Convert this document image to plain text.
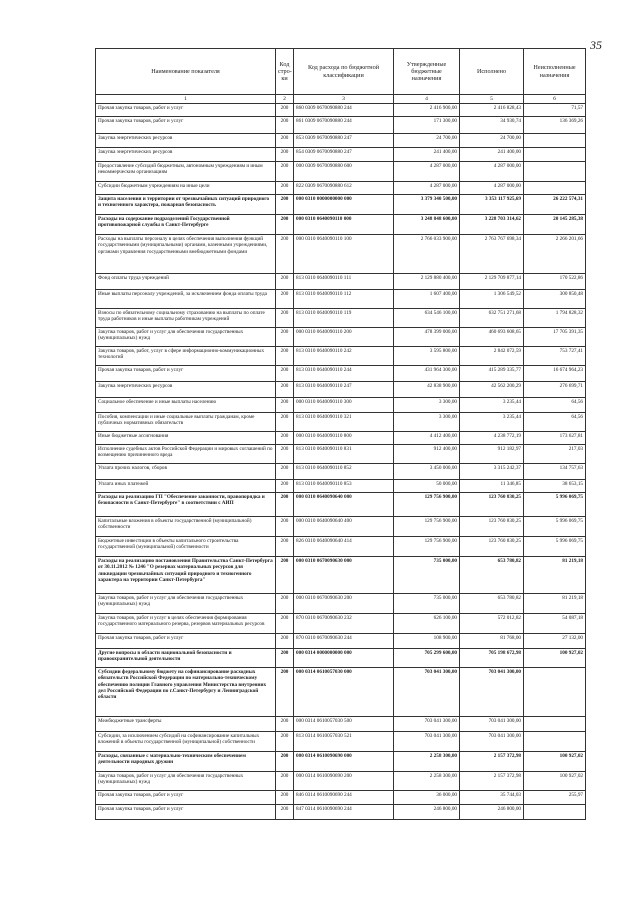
35
Наименование показателя	Код стро- ки	Код расхода по бюджетной классификации	Утвержденные бюджетные назначения	Исполнено	Неисполненные назначения
1	2	3	4	5	6
Прочая закупка товаров, работ и услуг	200	860 0309 0670090880 244	2 416 900,00	2 416 828,43	71,57
Прочая закупка товаров, работ и услуг	200	861 0309 0670090880 244	171 300,00	34 930,74	136 369,26
Закупка энергетических ресурсов	200	853 0309 0670090880 247	24 700,00	24 700,00	
Закупка энергетических ресурсов	200	854 0309 0670090880 247	241 400,00	241 400,00	
Предоставление субсидий бюджетным, автономным учреждениям и иным некоммерческим организациям	200	000 0309 0670090880 600	4 287 000,00	4 287 000,00	
Субсидии бюджетным учреждениям на иные цели	200	822 0309 0670090880 612	4 287 000,00	4 287 000,00	
Защита населения и территории от чрезвычайных ситуаций природного и техногенного характера, пожарная безопасность	200	000 0310 0000000000 000	3 379 340 500,00	3 353 117 925,69	26 222 574,31
Расходы на содержание подразделений Государственной противопожарной службы в Санкт-Петербурге	200	000 0310 0640090110 000	3 248 848 600,00	3 228 703 314,62	20 145 285,38
Расходы на выплаты персоналу в целях обеспечения выполнения функций государственными (муниципальными) органами, казенными учреждениями, органами управления государственными внебюджетными фондами	200	000 0310 0640090110 100	2 766 033 900,00	2 763 767 698,34	2 266 201,66
Фонд оплаты труда учреждений	200	813 0310 0640090110 111	2 129 880 400,00	2 129 709 877,14	170 522,86
Иные выплаты персоналу учреждений, за исключением фонда оплаты труда	200	813 0310 0640090110 112	1 607 400,00	1 306 549,52	300 850,48
Взносы по обязательному социальному страхованию на выплаты по оплате труда работников и иные выплаты работникам учреждений	200	813 0310 0640090110 119	634 546 100,00	632 751 271,68	1 794 828,32
Закупка товаров, работ и услуг для обеспечения государственных (муниципальных) нужд	200	000 0310 0640090110 200	478 399 000,00	460 693 608,65	17 705 391,35
Закупка товаров, работ, услуг в сфере информационно-коммуникационных технологий	200	813 0310 0640090110 242	3 595 800,00	2 842 072,59	753 727,41
Прочая закупка товаров, работ и услуг	200	813 0310 0640090110 244	431 964 300,00	415 289 335,77	16 674 964,23
Закупка энергетических ресурсов	200	813 0310 0640090110 247	42 838 900,00	42 562 200,29	276 699,71
Социальное обеспечение и иные выплаты населению	200	000 0310 0640090110 300	3 300,00	3 235,44	64,56
Пособия, компенсации и иные социальные выплаты гражданам, кроме публичных нормативных обязательств	200	813 0310 0640090110 321	3 300,00	3 235,44	64,56
Иные бюджетные ассигнования	200	000 0310 0640090110 800	4 412 400,00	4 238 772,19	173 627,81
Исполнение судебных актов Российской Федерации и мировых соглашений по возмещению причиненного вреда	200	813 0310 0640090110 831	912 400,00	912 182,97	217,03
Уплата прочих налогов, сборов	200	813 0310 0640090110 852	3 450 000,00	3 315 242,37	134 757,63
Уплата иных платежей	200	813 0310 0640090110 853	50 000,00	11 346,85	38 653,15
Расходы на реализацию ГП "Обеспечение законности, правопорядка и безопасности в Санкт-Петербурге" в соответствии с АИП	200	000 0310 0640090640 000	129 756 900,00	123 760 830,25	5 996 069,75
Капитальные вложения в объекты государственной (муниципальной) собственности	200	000 0310 0640090640 400	129 756 900,00	123 760 830,25	5 996 069,75
Бюджетные инвестиции в объекты капитального строительства государственной (муниципальной) собственности	200	826 0310 0640090640 414	129 756 900,00	123 760 830,25	5 996 069,75
Расходы на реализацию постановления Правительства Санкт-Петербурга от 30.11.2012 № 1246 "О резервах материальных ресурсов для ликвидации чрезвычайных ситуаций природного и техногенного характера на территории Санкт-Петербурга"	200	000 0310 0670090630 000	735 000,00	653 780,82	81 219,18
Закупка товаров, работ и услуг для обеспечения государственных (муниципальных) нужд	200	000 0310 0670090630 200	735 000,00	653 780,82	81 219,18
Закупка товаров, работ и услуг в целях обеспечения формирования государственного материального резерва, резервов материальных ресурсов	200	870 0310 0670090630 232	626 100,00	572 012,82	54 087,18
Прочая закупка товаров, работ и услуг	200	870 0310 0670090630 244	108 900,00	81 768,00	27 132,00
Другие вопросы в области национальной безопасности и правоохранительной деятельности	200	000 0314 0000000000 000	705 299 600,00	705 198 672,98	100 927,02
Субсидии федеральному бюджету на софинансирование расходных обязательств Российской Федерации по материально-техническому обеспечению полиции Главного управления Министерства внутренних дел Российской Федерации по г.Санкт-Петербургу и Ленинградской области	200	000 0314 0610057030 000	703 041 300,00	703 041 300,00	
Межбюджетные трансферты	200	000 0314 0610057030 500	703 041 300,00	703 041 300,00	
Субсидии, за исключением субсидий на софинансирование капитальных вложений в объекты государственной (муниципальной) собственности	200	813 0314 0610057030 521	703 041 300,00	703 041 300,00	
Расходы, связанные с материально-техническим обеспечением деятельности народных дружин	200	000 0314 0610090690 000	2 258 300,00	2 157 372,98	100 927,02
Закупка товаров, работ и услуг для обеспечения государственных (муниципальных) нужд	200	000 0314 0610090690 200	2 258 300,00	2 157 372,98	100 927,02
Прочая закупка товаров, работ и услуг	200	846 0314 0610090690 244	36 000,00	35 744,03	255,97
Прочая закупка товаров, работ и услуг	200	847 0314 0610090690 244	246 800,00	246 800,00	
